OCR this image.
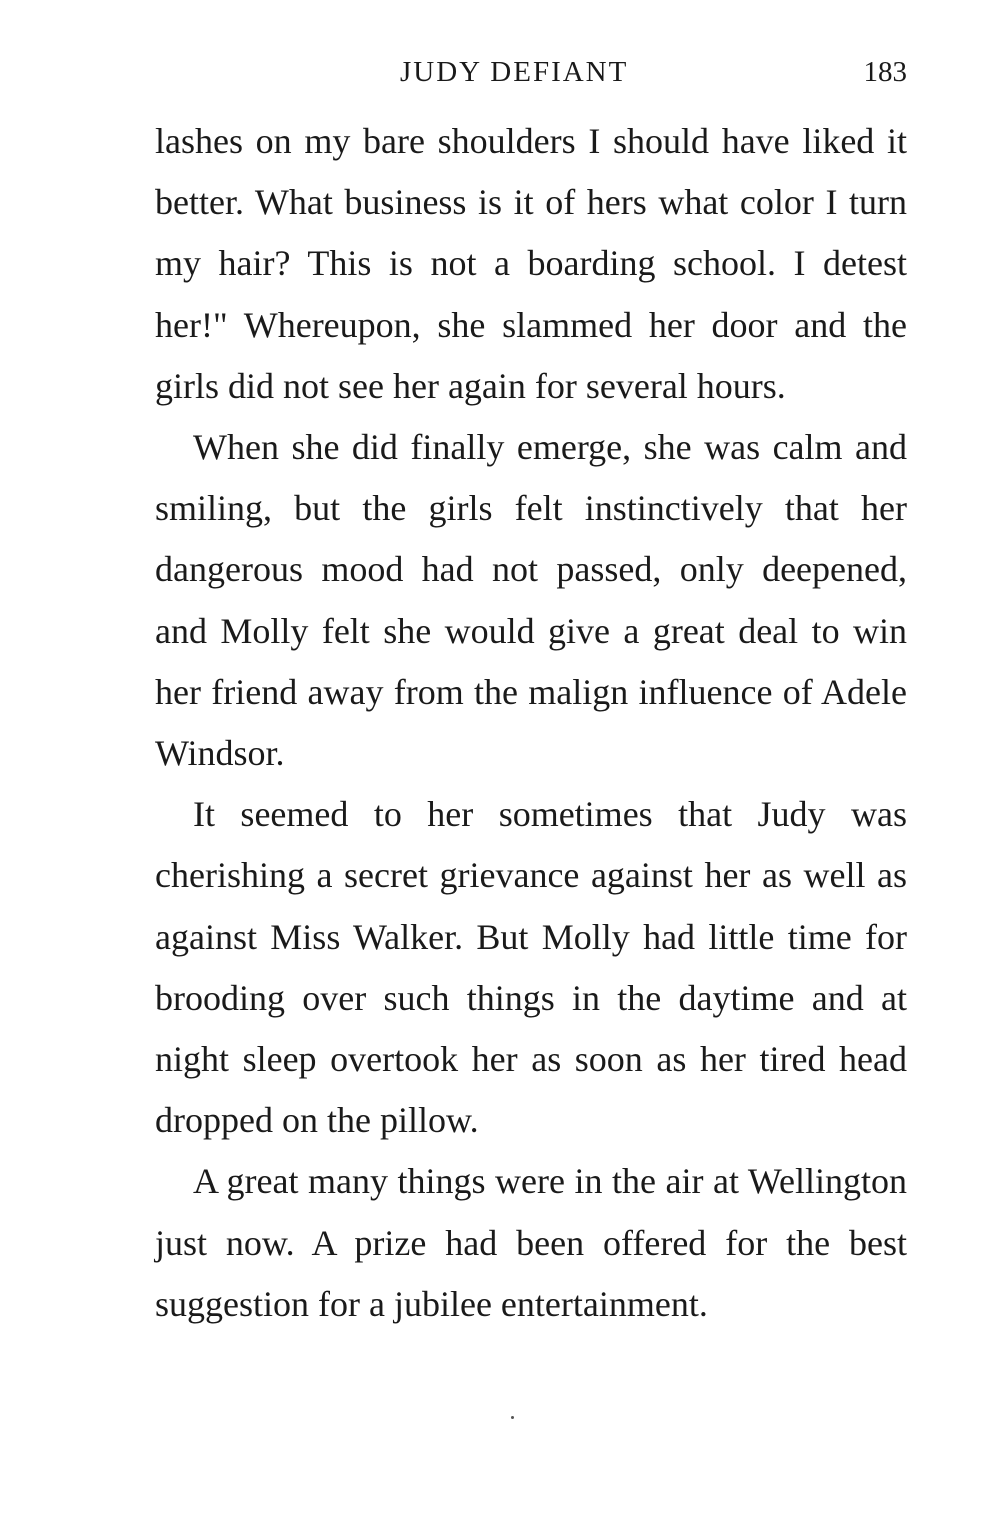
JUDY DEFIANT	183

lashes on my bare shoulders I should have liked it better. What business is it of hers what color I turn my hair? This is not a boarding school. I detest her!" Whereupon, she slammed her door and the girls did not see her again for several hours.

When she did finally emerge, she was calm and smiling, but the girls felt instinctively that her dangerous mood had not passed, only deepened, and Molly felt she would give a great deal to win her friend away from the malign influence of Adele Windsor.

It seemed to her sometimes that Judy was cherishing a secret grievance against her as well as against Miss Walker. But Molly had little time for brooding over such things in the daytime and at night sleep overtook her as soon as her tired head dropped on the pillow.

A great many things were in the air at Wellington just now. A prize had been offered for the best suggestion for a jubilee entertainment.
